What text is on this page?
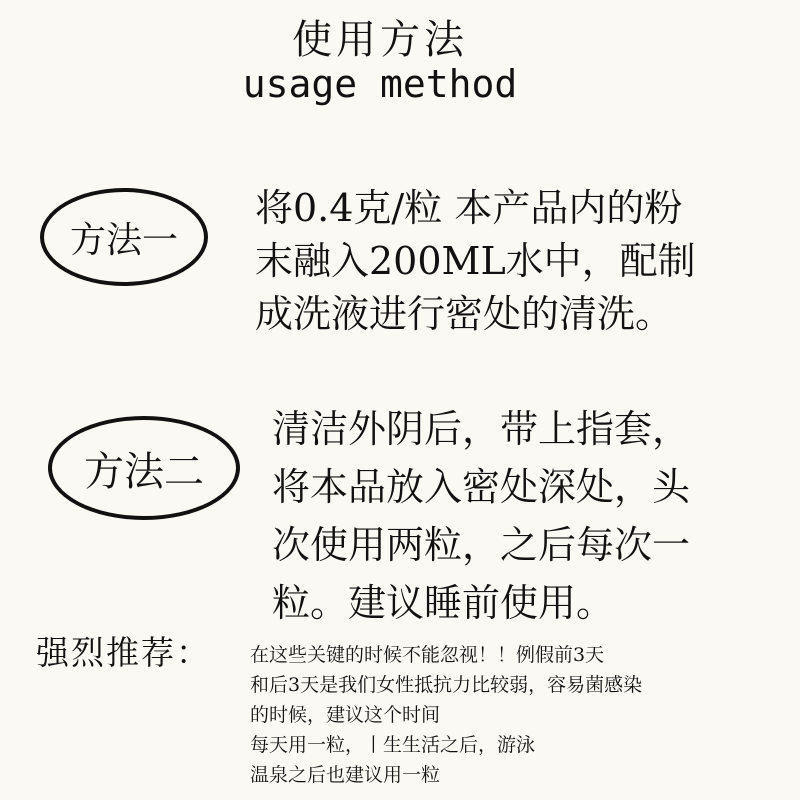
使用方法
usage method
方法一

将0.4克/粒 本产品内的粉
末融入200ML水中，配制
成洗液进行密处的清洗。

方法二

清洁外阴后，带上指套，
将本品放入密处深处，头
次使用两粒，之后每次一
粒。建议睡前使用。

强烈推荐： 在这些关键的时候不能忽视！！例假前3天
和后3天是我们女性抵抗力比较弱，容易菌感染
的时候，建议这个时间
每天用一粒，丨生生活之后，游泳
温泉之后也建议用一粒
